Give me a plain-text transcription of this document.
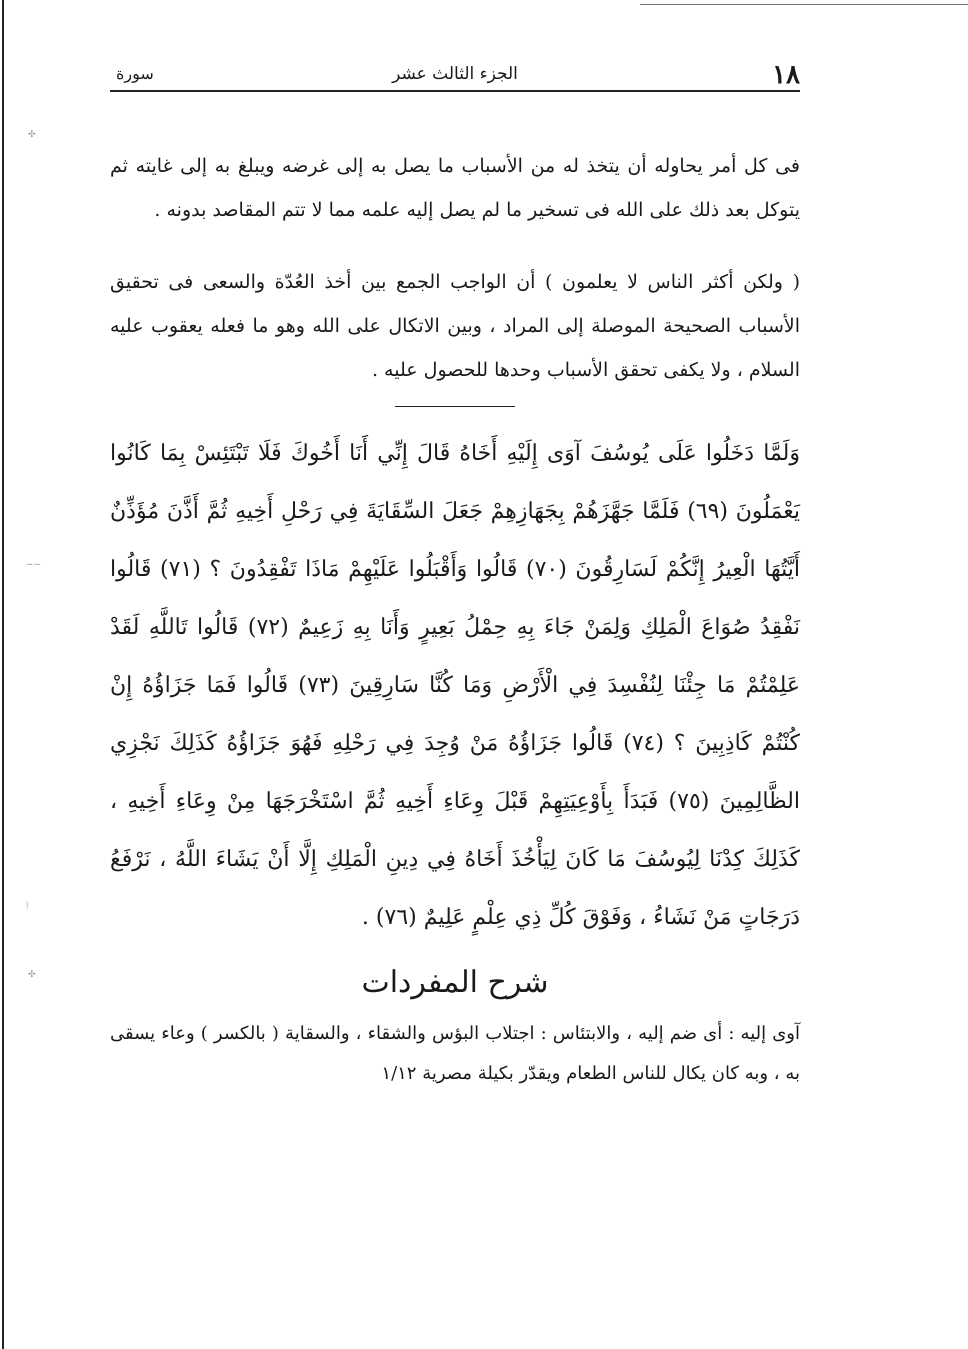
✣
~~
⁞
✣
١٨
الجزء الثالث عشر
سورة

فى كل أمر يحاوله أن يتخذ له من الأسباب ما يصل به إلى غرضه ويبلغ به إلى غايته ثم يتوكل بعد ذلك على الله فى تسخير ما لم يصل إليه علمه مما لا تتم المقاصد بدونه .

( ولكن أكثر الناس لا يعلمون ) أن الواجب الجمع بين أخذ العُدّة والسعى فى تحقيق الأسباب الصحيحة الموصلة إلى المراد ، وبين الاتكال على الله وهو ما فعله يعقوب عليه السلام ، ولا يكفى تحقق الأسباب وحدها للحصول عليه .

وَلَمَّا دَخَلُوا عَلَى يُوسُفَ آوَى إِلَيْهِ أَخَاهُ قَالَ إِنِّي أَنَا أَخُوكَ فَلَا تَبْتَئِسْ بِمَا كَانُوا يَعْمَلُونَ (٦٩) فَلَمَّا جَهَّزَهُمْ بِجَهَازِهِمْ جَعَلَ السِّقَايَةَ فِي رَحْلِ أَخِيهِ ثُمَّ أَذَّنَ مُؤَذِّنٌ أَيَّتُهَا الْعِيرُ إِنَّكُمْ لَسَارِقُونَ (٧٠) قَالُوا وَأَقْبَلُوا عَلَيْهِمْ مَاذَا تَفْقِدُونَ ؟ (٧١) قَالُوا نَفْقِدُ صُوَاعَ الْمَلِكِ وَلِمَنْ جَاءَ بِهِ حِمْلُ بَعِيرٍ وَأَنَا بِهِ زَعِيمٌ (٧٢) قَالُوا تَاللَّهِ لَقَدْ عَلِمْتُمْ مَا جِئْنَا لِنُفْسِدَ فِي الْأَرْضِ وَمَا كُنَّا سَارِقِينَ (٧٣) قَالُوا فَمَا جَزَاؤُهُ إِنْ كُنْتُمْ كَاذِبِينَ ؟ (٧٤) قَالُوا جَزَاؤُهُ مَنْ وُجِدَ فِي رَحْلِهِ فَهُوَ جَزَاؤُهُ كَذَلِكَ نَجْزِي الظَّالِمِينَ (٧٥) فَبَدَأَ بِأَوْعِيَتِهِمْ قَبْلَ وِعَاءِ أَخِيهِ ثُمَّ اسْتَخْرَجَهَا مِنْ وِعَاءِ أَخِيهِ ، كَذَلِكَ كِدْنَا لِيُوسُفَ مَا كَانَ لِيَأْخُذَ أَخَاهُ فِي دِينِ الْمَلِكِ إِلَّا أَنْ يَشَاءَ اللَّهُ ، نَرْفَعُ دَرَجَاتٍ مَنْ نَشَاءُ ، وَفَوْقَ كُلِّ ذِي عِلْمٍ عَلِيمٌ (٧٦) .

شرح المفردات

آوى إليه : أى ضم إليه ، والابتئاس : اجتلاب البؤس والشقاء ، والسقاية ( بالكسر ) وعاء يسقى به ، وبه كان يكال للناس الطعام ويقدّر بكيلة مصرية ١/١٢
